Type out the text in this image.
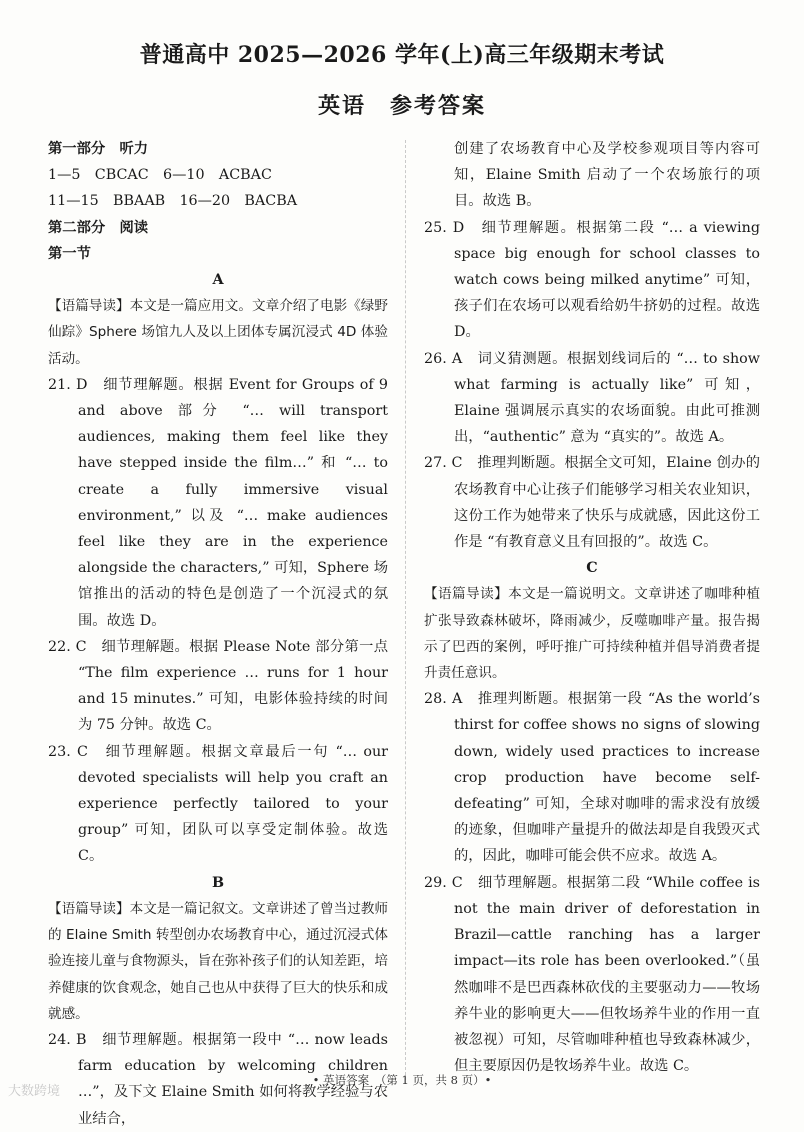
普通高中 2025—2026 学年(上)高三年级期末考试
英语　参考答案

第一部分　听力

1—5　CBCAC　6—10　ACBAC

11—15　BBAAB　16—20　BACBA

第二部分　阅读

第一节

A

【语篇导读】本文是一篇应用文。文章介绍了电影《绿野仙踪》Sphere 场馆九人及以上团体专属沉浸式 4D 体验活动。

21. D　细节理解题。根据 Event for Groups of 9 and above 部分 “… will transport audiences, making them feel like they have stepped inside the film…” 和 “… to create a fully immersive visual environment,” 以及 “… make audiences feel like they are in the experience alongside the characters,” 可知，Sphere 场馆推出的活动的特色是创造了一个沉浸式的氛围。故选 D。

22. C　细节理解题。根据 Please Note 部分第一点 “The film experience … runs for 1 hour and 15 minutes.” 可知，电影体验持续的时间为 75 分钟。故选 C。

23. C　细节理解题。根据文章最后一句 “… our devoted specialists will help you craft an experience perfectly tailored to your group” 可知，团队可以享受定制体验。故选 C。

B

【语篇导读】本文是一篇记叙文。文章讲述了曾当过教师的 Elaine Smith 转型创办农场教育中心，通过沉浸式体验连接儿童与食物源头，旨在弥补孩子们的认知差距，培养健康的饮食观念，她自己也从中获得了巨大的快乐和成就感。

24. B　细节理解题。根据第一段中 “… now leads farm education by welcoming children …”，及下文 Elaine Smith 如何将教学经验与农业结合，

创建了农场教育中心及学校参观项目等内容可知，Elaine Smith 启动了一个农场旅行的项目。故选 B。

25. D　细节理解题。根据第二段 “… a viewing space big enough for school classes to watch cows being milked anytime” 可知，孩子们在农场可以观看给奶牛挤奶的过程。故选 D。

26. A　词义猜测题。根据划线词后的 “… to show what farming is actually like” 可知，Elaine 强调展示真实的农场面貌。由此可推测出，“authentic” 意为 “真实的”。故选 A。

27. C　推理判断题。根据全文可知，Elaine 创办的农场教育中心让孩子们能够学习相关农业知识，这份工作为她带来了快乐与成就感，因此这份工作是 “有教育意义且有回报的”。故选 C。

C

【语篇导读】本文是一篇说明文。文章讲述了咖啡种植扩张导致森林破坏，降雨减少，反噬咖啡产量。报告揭示了巴西的案例，呼吁推广可持续种植并倡导消费者提升责任意识。

28. A　推理判断题。根据第一段 “As the world’s thirst for coffee shows no signs of slowing down, widely used practices to increase crop production have become self-defeating” 可知，全球对咖啡的需求没有放缓的迹象，但咖啡产量提升的做法却是自我毁灭式的，因此，咖啡可能会供不应求。故选 A。

29. C　细节理解题。根据第二段 “While coffee is not the main driver of deforestation in Brazil—cattle ranching has a larger impact—its role has been overlooked.”（虽然咖啡不是巴西森林砍伐的主要驱动力——牧场养牛业的影响更大——但牧场养牛业的作用一直被忽视）可知，尽管咖啡种植也导致森林减少，但主要原因仍是牧场养牛业。故选 C。

• 英语答案　（第 1 页，共 8 页）•
大数跨境
